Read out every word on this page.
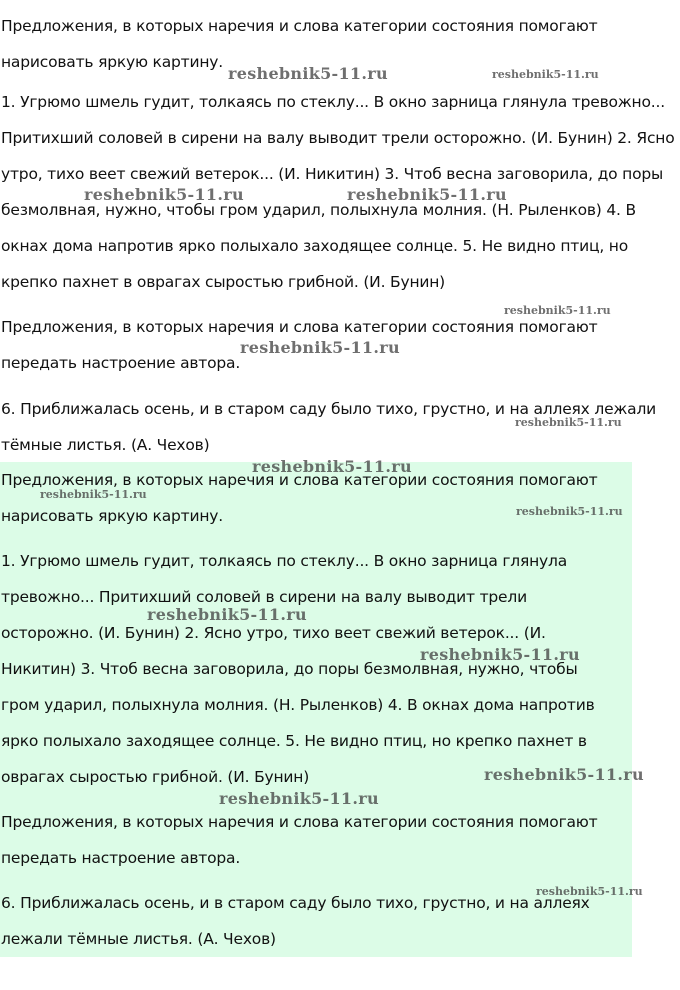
Предложения, в которых наречия и слова категории состояния помогают нарисовать яркую картину.

1. Угрюмо шмель гудит, толкаясь по стеклу... В окно зарница глянула тревожно... Притихший соловей в сирени на валу выводит трели осторожно. (И. Бунин) 2. Ясно утро, тихо веет свежий ветерок... (И. Никитин) 3. Чтоб весна заговорила, до поры безмолвная, нужно, чтобы гром ударил, полыхнула молния. (Н. Рыленков) 4. В окнах дома напротив ярко полыхало заходящее солнце. 5. Не видно птиц, но крепко пахнет в оврагах сыростью грибной. (И. Бунин)

Предложения, в которых наречия и слова категории состояния помогают передать настроение автора.

6. Приближалась осень, и в старом саду было тихо, грустно, и на аллеях лежали тёмные листья. (А. Чехов)

Предложения, в которых наречия и слова категории состояния помогают нарисовать яркую картину.

1. Угрюмо шмель гудит, толкаясь по стеклу... В окно зарница глянула тревожно... Притихший соловей в сирени на валу выводит трели осторожно. (И. Бунин) 2. Ясно утро, тихо веет свежий ветерок... (И. Никитин) 3. Чтоб весна заговорила, до поры безмолвная, нужно, чтобы гром ударил, полыхнула молния. (Н. Рыленков) 4. В окнах дома напротив ярко полыхало заходящее солнце. 5. Не видно птиц, но крепко пахнет в оврагах сыростью грибной. (И. Бунин)

Предложения, в которых наречия и слова категории состояния помогают передать настроение автора.

6. Приближалась осень, и в старом саду было тихо, грустно, и на аллеях лежали тёмные листья. (А. Чехов)

reshebnik5-11.ru	reshebnik5-11.ru
reshebnik5-11.ru	reshebnik5-11.ru
reshebnik5-11.ru
reshebnik5-11.ru
reshebnik5-11.ru
reshebnik5-11.ru
reshebnik5-11.ru
reshebnik5-11.ru
reshebnik5-11.ru
reshebnik5-11.ru
reshebnik5-11.ru
reshebnik5-11.ru
reshebnik5-11.ru
